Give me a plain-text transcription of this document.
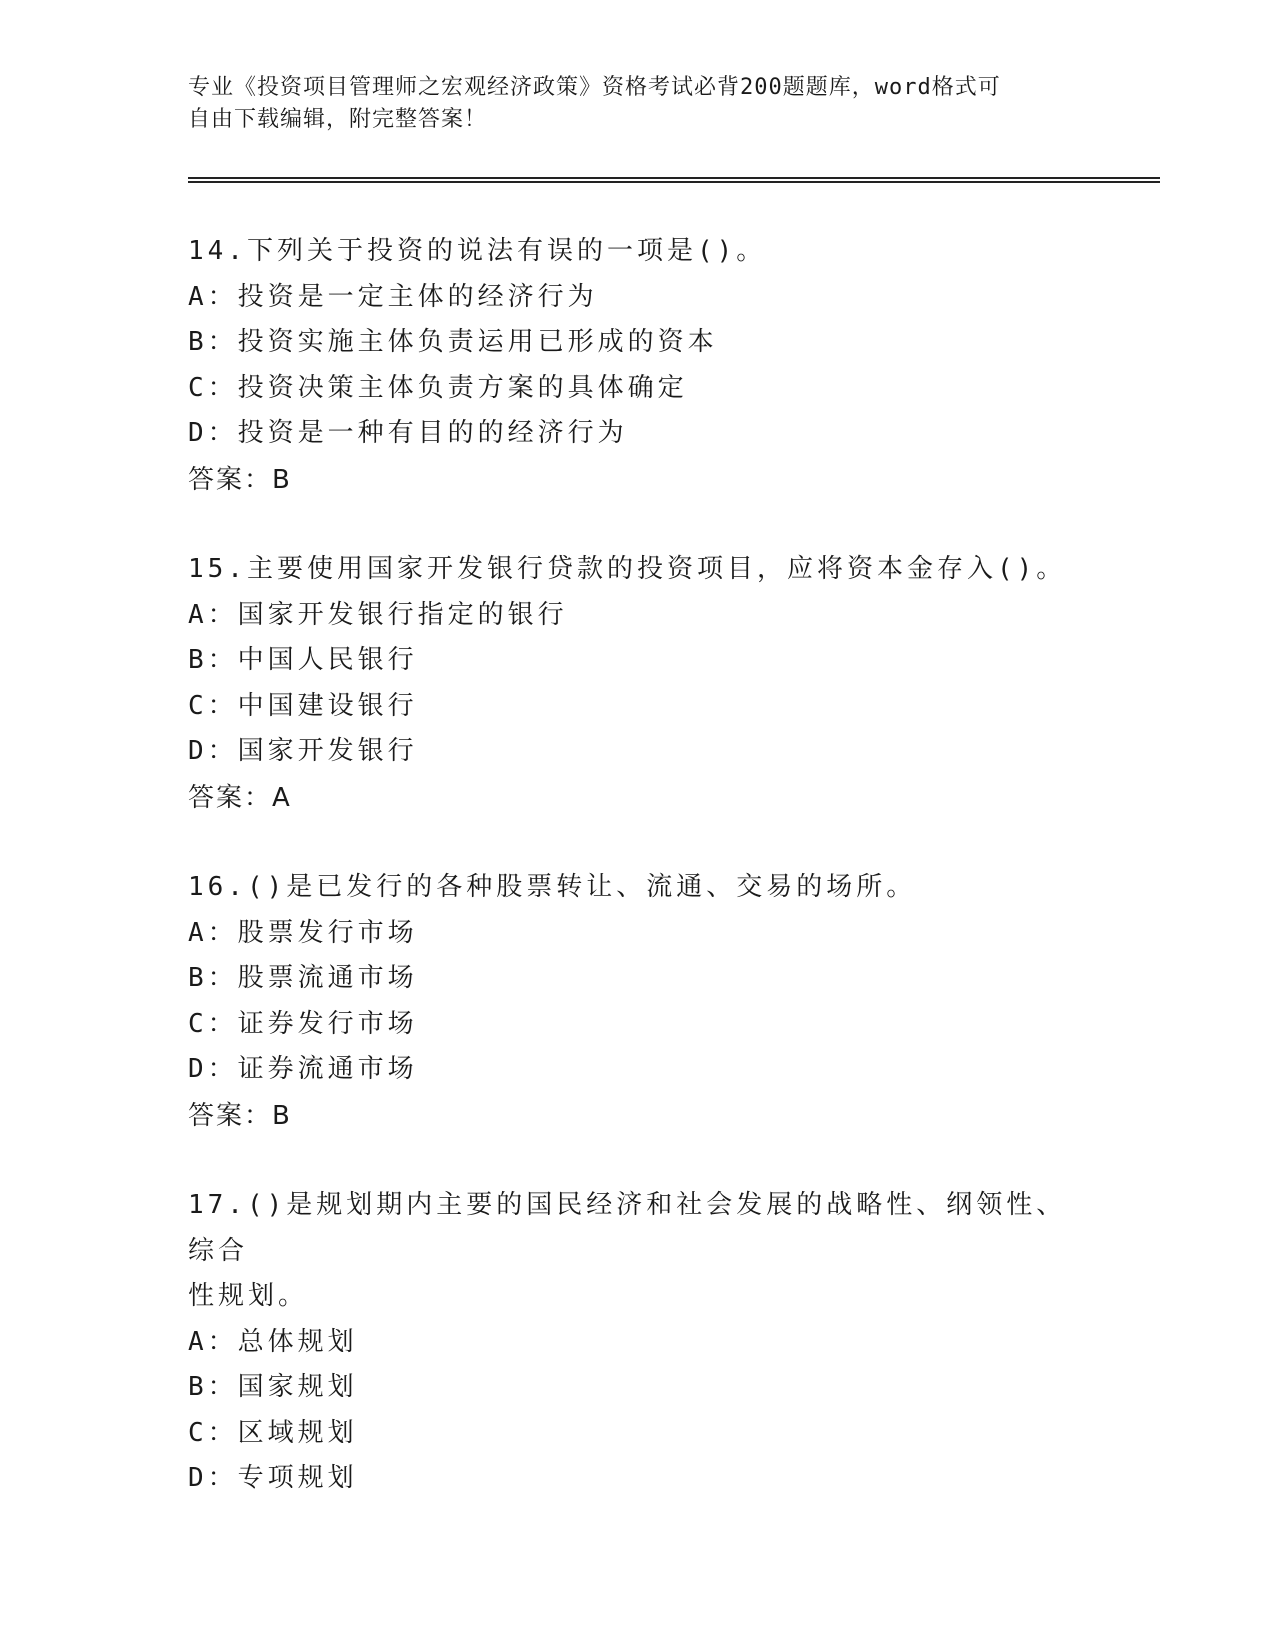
专业《投资项目管理师之宏观经济政策》资格考试必背200题题库，word格式可
自由下载编辑，附完整答案！
14.下列关于投资的说法有误的一项是()。
A：投资是一定主体的经济行为
B：投资实施主体负责运用已形成的资本
C：投资决策主体负责方案的具体确定
D：投资是一种有目的的经济行为
答案：B
15.主要使用国家开发银行贷款的投资项目，应将资本金存入()。
A：国家开发银行指定的银行
B：中国人民银行
C：中国建设银行
D：国家开发银行
答案：A
16.()是已发行的各种股票转让、流通、交易的场所。
A：股票发行市场
B：股票流通市场
C：证券发行市场
D：证券流通市场
答案：B
17.()是规划期内主要的国民经济和社会发展的战略性、纲领性、综合
性规划。
A：总体规划
B：国家规划
C：区域规划
D：专项规划
